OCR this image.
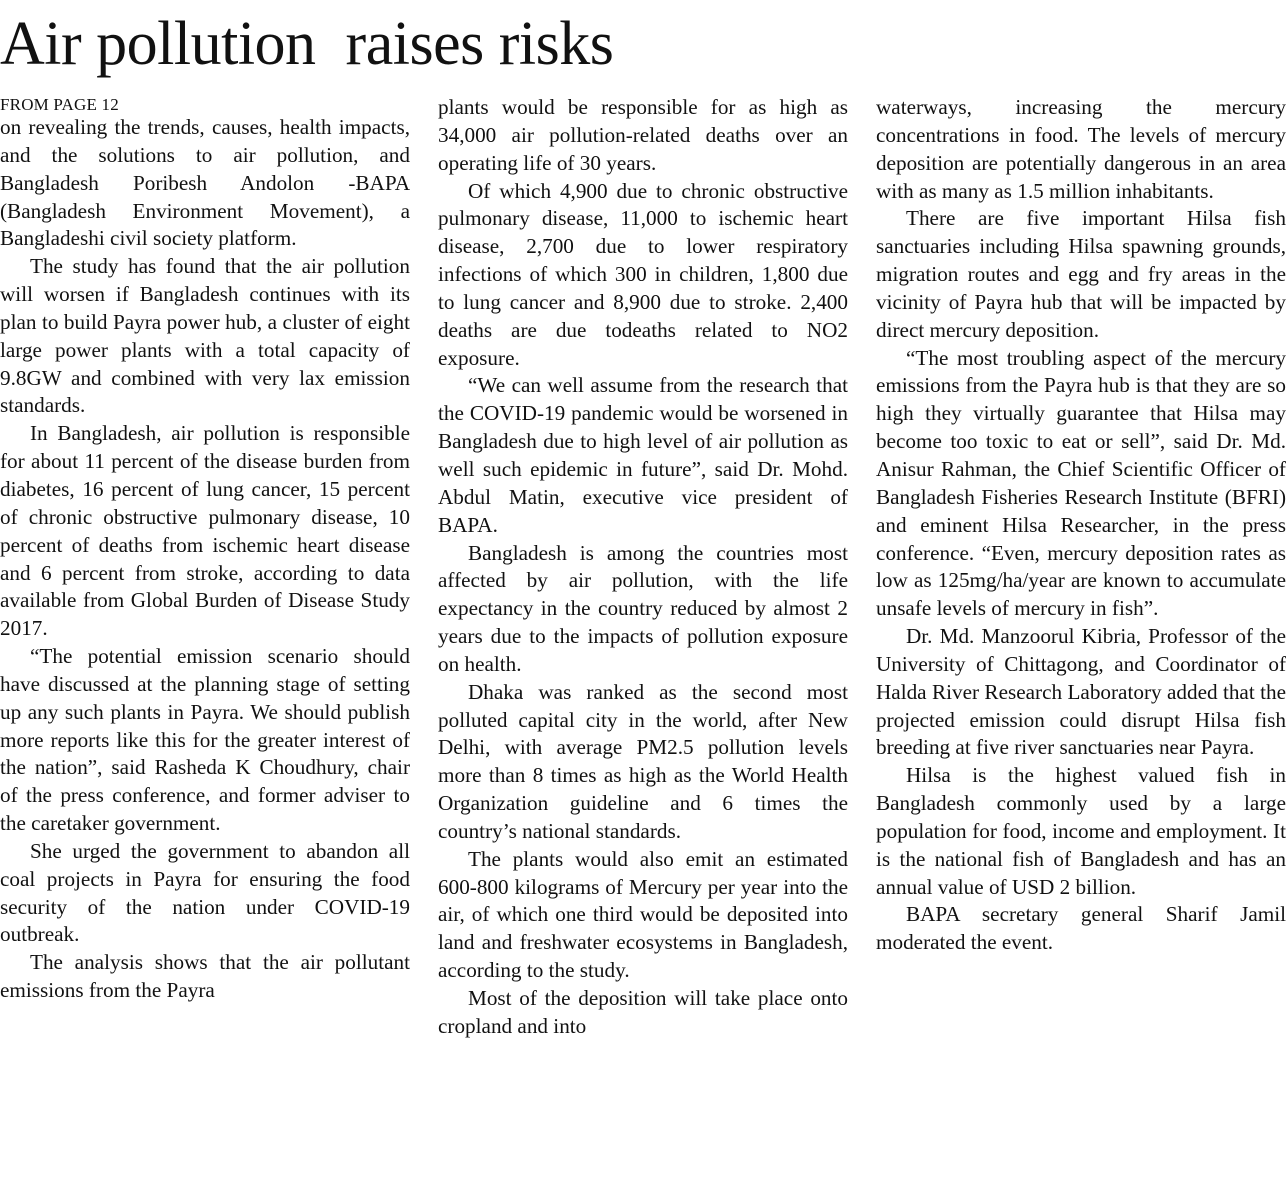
Air pollution  raises risks
FROM PAGE 12

on revealing the trends, causes, health impacts, and the solutions to air pollution, and Bangladesh Poribesh Andolon -BAPA (Bangladesh Environment Movement), a Bangladeshi civil society platform.

The study has found that the air pollution will worsen if Bangladesh continues with its plan to build Payra power hub, a cluster of eight large power plants with a total capacity of 9.8GW and combined with very lax emission standards.

In Bangladesh, air pollution is responsible for about 11 percent of the disease burden from diabetes, 16 percent of lung cancer, 15 percent of chronic obstructive pulmonary disease, 10 percent of deaths from ischemic heart disease and 6 percent from stroke, according to data available from Global Burden of Disease Study 2017.

“The potential emission scenario should have discussed at the planning stage of setting up any such plants in Payra. We should publish more reports like this for the greater interest of the nation”, said Rasheda K Choudhury, chair of the press conference, and former adviser to the caretaker government.

She urged the government to abandon all coal projects in Payra for ensuring the food security of the nation under COVID-19 outbreak.

The analysis shows that the air pollutant emissions from the Payra

plants would be responsible for as high as 34,000 air pollution-related deaths over an operating life of 30 years.

Of which 4,900 due to chronic obstructive pulmonary disease, 11,000 to ischemic heart disease, 2,700 due to lower respiratory infections of which 300 in children, 1,800 due to lung cancer and 8,900 due to stroke. 2,400 deaths are due todeaths related to NO2 exposure.

“We can well assume from the research that the COVID-19 pandemic would be worsened in Bangladesh due to high level of air pollution as well such epidemic in future”, said Dr. Mohd. Abdul Matin, executive vice president of BAPA.

Bangladesh is among the countries most affected by air pollution, with the life expectancy in the country reduced by almost 2 years due to the impacts of pollution exposure on health.

Dhaka was ranked as the second most polluted capital city in the world, after New Delhi, with average PM2.5 pollution levels more than 8 times as high as the World Health Organization guideline and 6 times the country’s national standards.

The plants would also emit an estimated 600-800 kilograms of Mercury per year into the air, of which one third would be deposited into land and freshwater ecosystems in Bangladesh, according to the study.

Most of the deposition will take place onto cropland and into

waterways, increasing the mercury concentrations in food. The levels of mercury deposition are potentially dangerous in an area with as many as 1.5 million inhabitants.

There are five important Hilsa fish sanctuaries including Hilsa spawning grounds, migration routes and egg and fry areas in the vicinity of Payra hub that will be impacted by direct mercury deposition.

“The most troubling aspect of the mercury emissions from the Payra hub is that they are so high they virtually guarantee that Hilsa may become too toxic to eat or sell”, said Dr. Md. Anisur Rahman, the Chief Scientific Officer of Bangladesh Fisheries Research Institute (BFRI) and eminent Hilsa Researcher, in the press conference. “Even, mercury deposition rates as low as 125mg/ha/year are known to accumulate unsafe levels of mercury in fish”.

Dr. Md. Manzoorul Kibria, Professor of the University of Chittagong, and Coordinator of Halda River Research Laboratory added that the projected emission could disrupt Hilsa fish breeding at five river sanctuaries near Payra.

Hilsa is the highest valued fish in Bangladesh commonly used by a large population for food, income and employment. It is the national fish of Bangladesh and has an annual value of USD 2 billion.

BAPA secretary general Sharif Jamil moderated the event.
